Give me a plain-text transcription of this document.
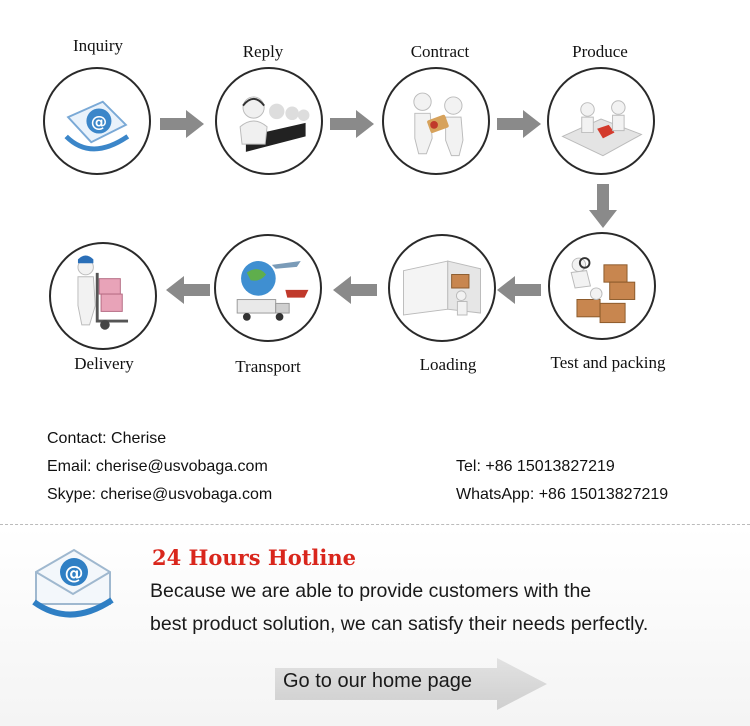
Inquiry
@
Reply	Contract	Produce
Test and packing
Loading
Transport
Delivery
Contact: Cherise
Email: cherise@usvobaga.com
Skype: cherise@usvobaga.com
Tel: +86 15013827219
WhatsApp: +86 15013827219
@
24 Hours Hotline
Because we are able to provide customers with the
best product solution, we can satisfy their needs perfectly.
Go to our home page
